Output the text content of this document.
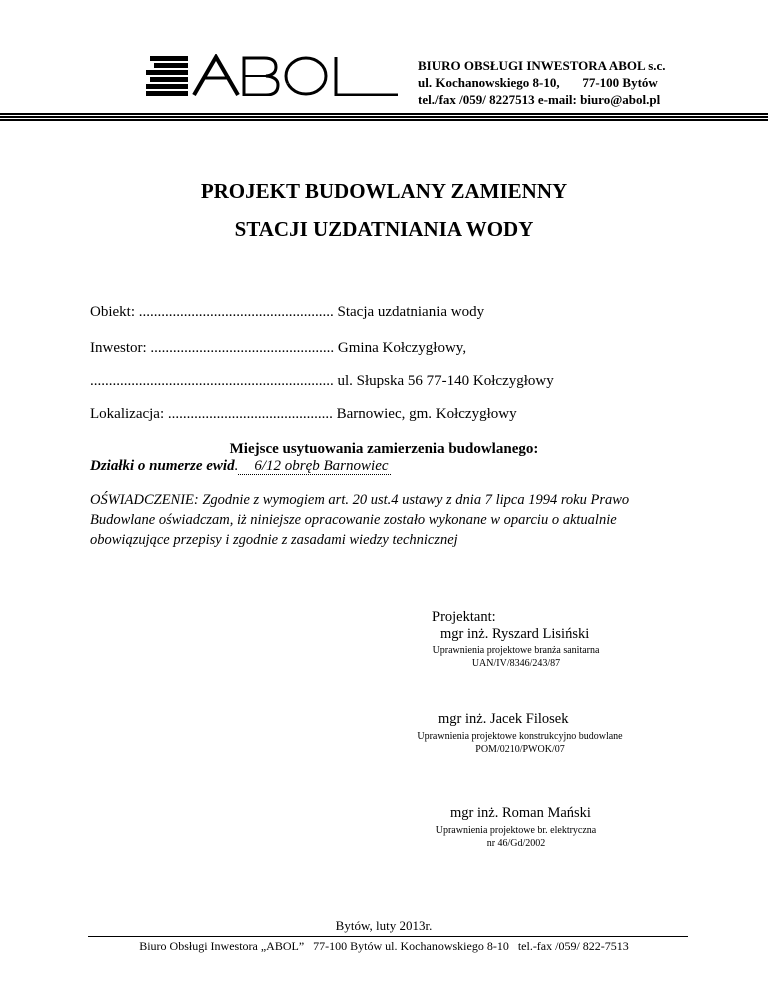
ABOL
BIURO OBSŁUGI INWESTORA ABOL s.c.
ul. Kochanowskiego 8-10,       77-100 Bytów
tel./fax /059/ 8227513 e-mail: biuro@abol.pl
PROJEKT BUDOWLANY ZAMIENNY
STACJI UZDATNIANIA WODY
Obiekt: .................................................... Stacja uzdatniania wody
Inwestor: ................................................. Gmina Kołczygłowy,
................................................................. ul. Słupska 56 77-140 Kołczygłowy
Lokalizacja: ............................................ Barnowiec, gm. Kołczygłowy
Miejsce usytuowania zamierzenia budowlanego:
Działki o numerze ewid. 6/12 obręb Barnowiec
OŚWIADCZENIE: Zgodnie z wymogiem art. 20 ust.4 ustawy z dnia 7 lipca 1994 roku Prawo Budowlane oświadczam, iż niniejsze opracowanie zostało wykonane w oparciu o aktualnie obowiązujące przepisy i zgodnie z zasadami wiedzy technicznej
Projektant:
mgr inż. Ryszard Lisiński
Uprawnienia projektowe branża sanitarna
UAN/IV/8346/243/87
mgr inż. Jacek Filosek
Uprawnienia projektowe konstrukcyjno budowlane
POM/0210/PWOK/07
mgr inż. Roman Mański
Uprawnienia projektowe br. elektryczna
nr 46/Gd/2002
Bytów, luty 2013r.
Biuro Obsługi Inwestora „ABOL”   77-100 Bytów ul. Kochanowskiego 8-10   tel.-fax /059/ 822-7513
